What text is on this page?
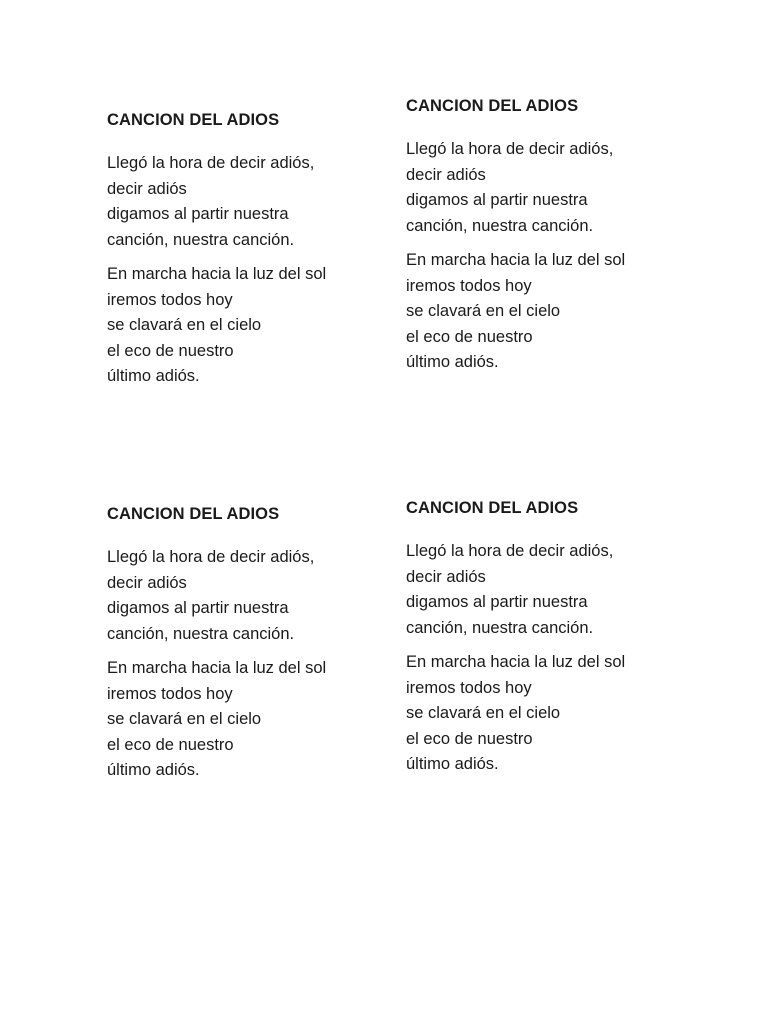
CANCION DEL ADIOS
Llegó la hora de decir adiós,
decir adiós
digamos al partir nuestra
canción, nuestra canción.
En marcha hacia la luz del sol
iremos todos hoy
se clavará en el cielo
el eco de nuestro
último adiós.
CANCION DEL ADIOS
Llegó la hora de decir adiós,
decir adiós
digamos al partir nuestra
canción, nuestra canción.
En marcha hacia la luz del sol
iremos todos hoy
se clavará en el cielo
el eco de nuestro
último adiós.
CANCION DEL ADIOS
Llegó la hora de decir adiós,
decir adiós
digamos al partir nuestra
canción, nuestra canción.
En marcha hacia la luz del sol
iremos todos hoy
se clavará en el cielo
el eco de nuestro
último adiós.
CANCION DEL ADIOS
Llegó la hora de decir adiós,
decir adiós
digamos al partir nuestra
canción, nuestra canción.
En marcha hacia la luz del sol
iremos todos hoy
se clavará en el cielo
el eco de nuestro
último adiós.
